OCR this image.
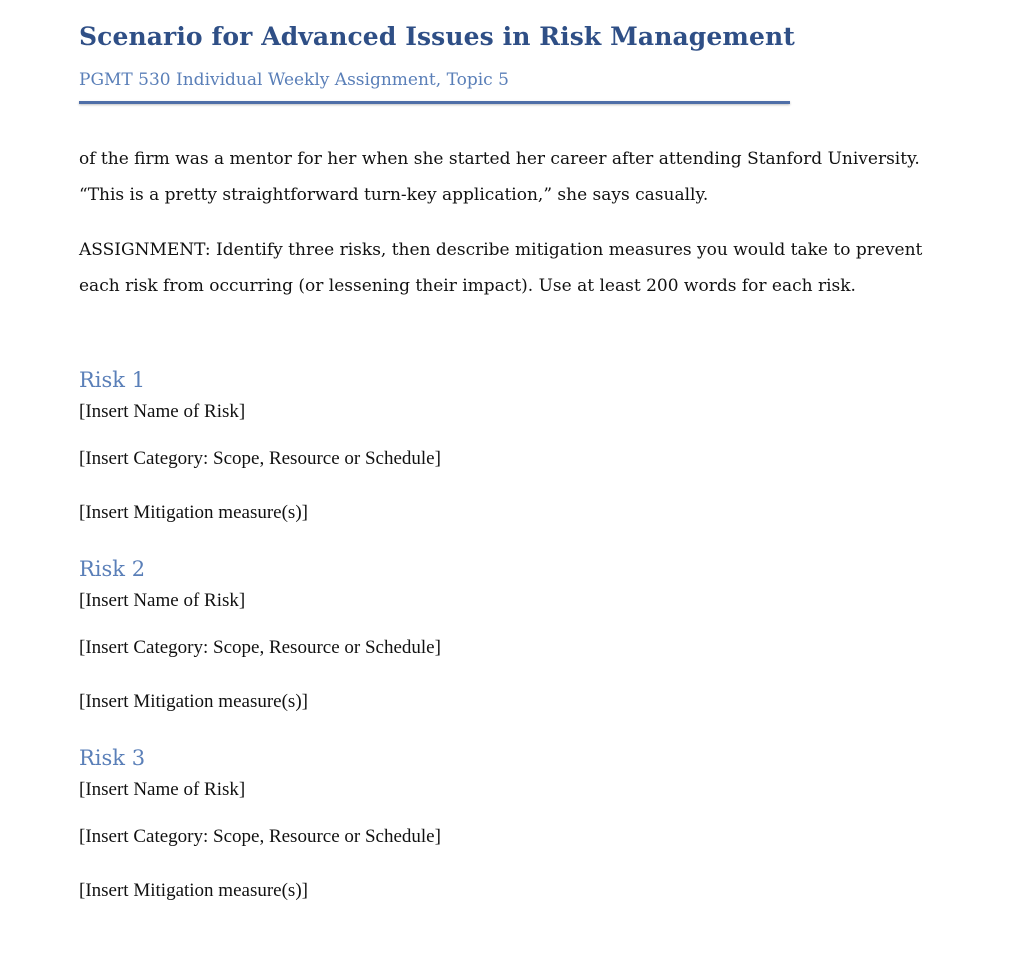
Scenario for Advanced Issues in Risk Management
PGMT 530 Individual Weekly Assignment, Topic 5

of the firm was a mentor for her when she started her career after attending Stanford University. “This is a pretty straightforward turn-key application,” she says casually.

ASSIGNMENT: Identify three risks, then describe mitigation measures you would take to prevent each risk from occurring (or lessening their impact). Use at least 200 words for each risk.

Risk 1
[Insert Name of Risk]
[Insert Category: Scope, Resource or Schedule]
[Insert Mitigation measure(s)]
Risk 2
[Insert Name of Risk]
[Insert Category: Scope, Resource or Schedule]
[Insert Mitigation measure(s)]
Risk 3
[Insert Name of Risk]
[Insert Category: Scope, Resource or Schedule]
[Insert Mitigation measure(s)]
